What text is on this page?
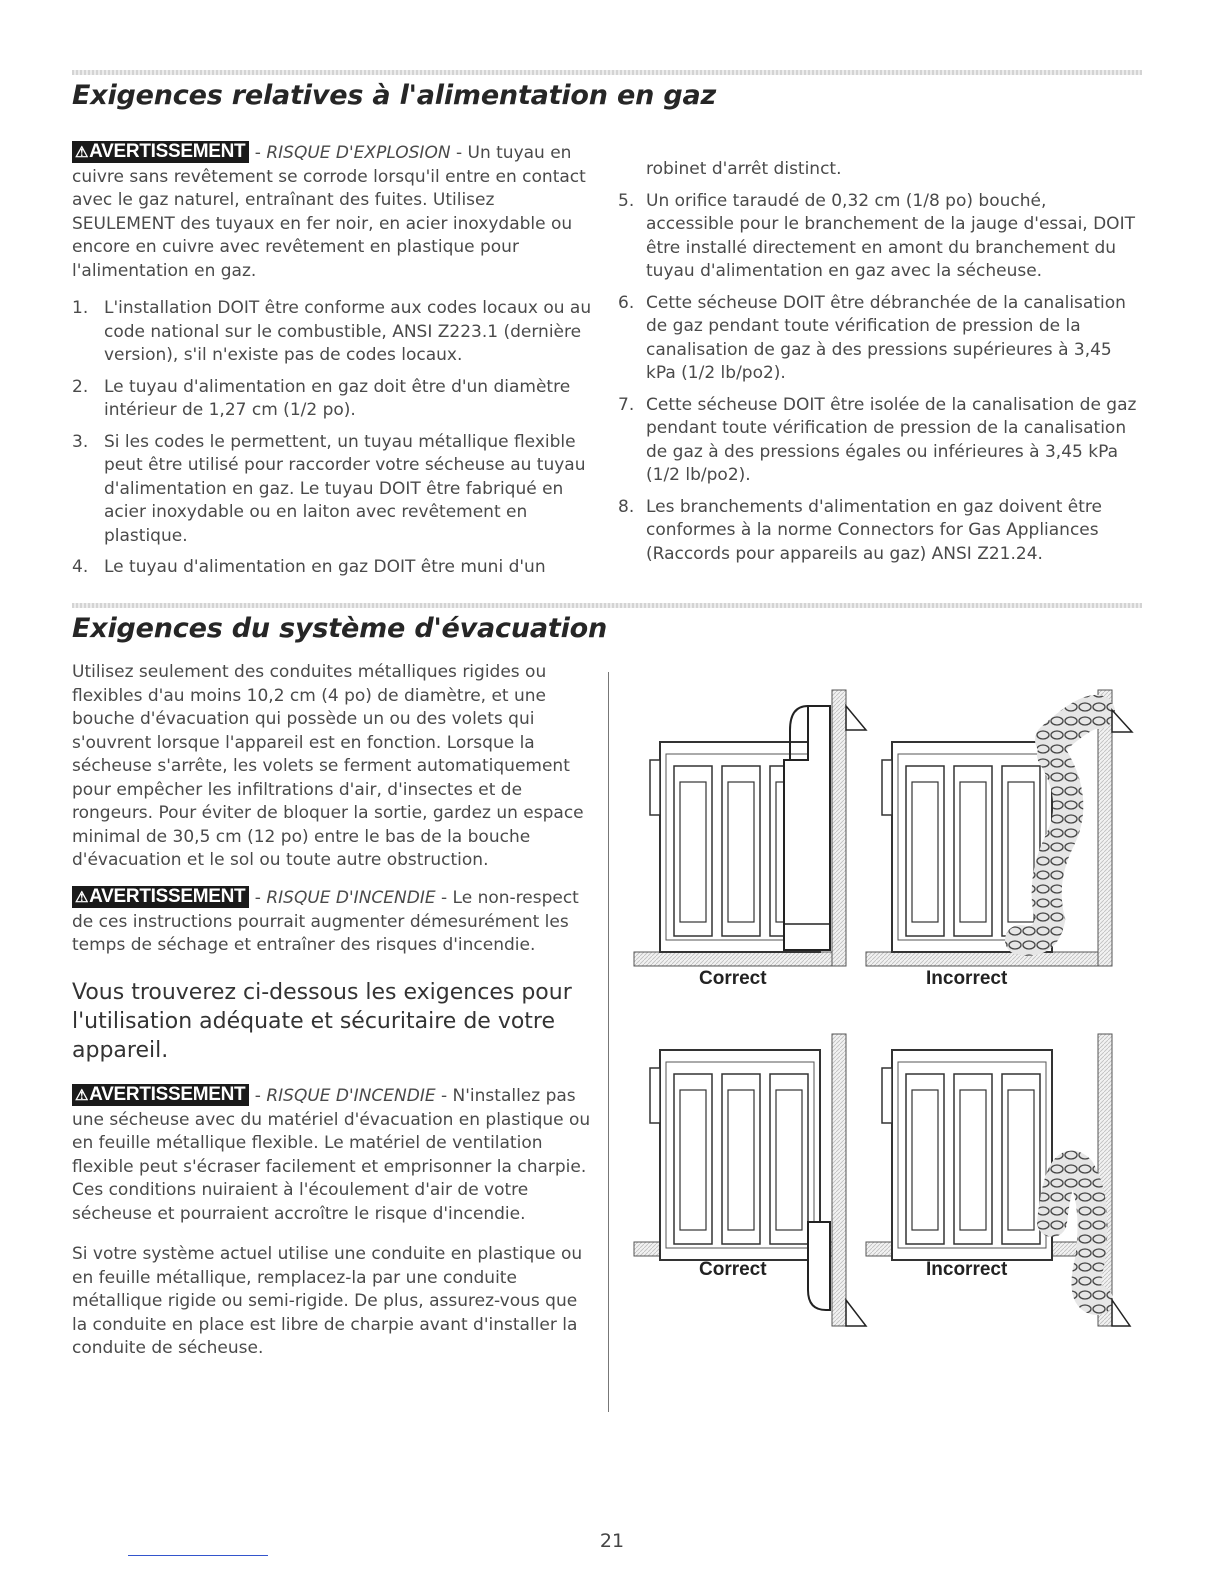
Exigences relatives à l'alimentation en gaz

⚠AVERTISSEMENT - RISQUE D'EXPLOSION - Un tuyau en cuivre sans revêtement se corrode lorsqu'il entre en contact avec le gaz naturel, entraînant des fuites. Utilisez SEULEMENT des tuyaux en fer noir, en acier inoxydable ou encore en cuivre avec revêtement en plastique pour l'alimentation en gaz.

1. L'installation DOIT être conforme aux codes locaux ou au code national sur le combustible, ANSI Z223.1 (dernière version), s'il n'existe pas de codes locaux.
2. Le tuyau d'alimentation en gaz doit être d'un diamètre intérieur de 1,27 cm (1/2 po).
3. Si les codes le permettent, un tuyau métallique flexible peut être utilisé pour raccorder votre sécheuse au tuyau d'alimentation en gaz. Le tuyau DOIT être fabriqué en acier inoxydable ou en laiton avec revêtement en plastique.
4. Le tuyau d'alimentation en gaz DOIT être muni d'un

robinet d'arrêt distinct.

5. Un orifice taraudé de 0,32 cm (1/8 po) bouché, accessible pour le branchement de la jauge d'essai, DOIT être installé directement en amont du branchement du tuyau d'alimentation en gaz avec la sécheuse.
6. Cette sécheuse DOIT être débranchée de la canalisation de gaz pendant toute vérification de pression de la canalisation de gaz à des pressions supérieures à 3,45 kPa (1/2 lb/po2).
7. Cette sécheuse DOIT être isolée de la canalisation de gaz pendant toute vérification de pression de la canalisation de gaz à des pressions égales ou inférieures à 3,45 kPa (1/2 lb/po2).
8. Les branchements d'alimentation en gaz doivent être conformes à la norme Connectors for Gas Appliances (Raccords pour appareils au gaz) ANSI Z21.24.
Exigences du système d'évacuation
Utilisez seulement des conduites métalliques rigides ou flexibles d'au moins 10,2 cm (4 po) de diamètre, et une bouche d'évacuation qui possède un ou des volets qui s'ouvrent lorsque l'appareil est en fonction. Lorsque la sécheuse s'arrête, les volets se ferment automatiquement pour empêcher les infiltrations d'air, d'insectes et de rongeurs. Pour éviter de bloquer la sortie, gardez un espace minimal de 30,5 cm (12 po) entre le bas de la bouche d'évacuation et le sol ou toute autre obstruction.
⚠AVERTISSEMENT - RISQUE D'INCENDIE - Le non-respect de ces instructions pourrait augmenter démesurément les temps de séchage et entraîner des risques d'incendie.

Vous trouverez ci-dessous les exigences pour l'utilisation adéquate et sécuritaire de votre appareil.

⚠AVERTISSEMENT - RISQUE D'INCENDIE - N'installez pas une sécheuse avec du matériel d'évacuation en plastique ou en feuille métallique flexible. Le matériel de ventilation flexible peut s'écraser facilement et emprisonner la charpie. Ces conditions nuiraient à l'écoulement d'air de votre sécheuse et pourraient accroître le risque d'incendie.
Si votre système actuel utilise une conduite en plastique ou en feuille métallique, remplacez-la par une conduite métallique rigide ou semi-rigide. De plus, assurez-vous que la conduite en place est libre de charpie avant d'installer la conduite de sécheuse.
Correct	Incorrect
Correct	Incorrect
21
